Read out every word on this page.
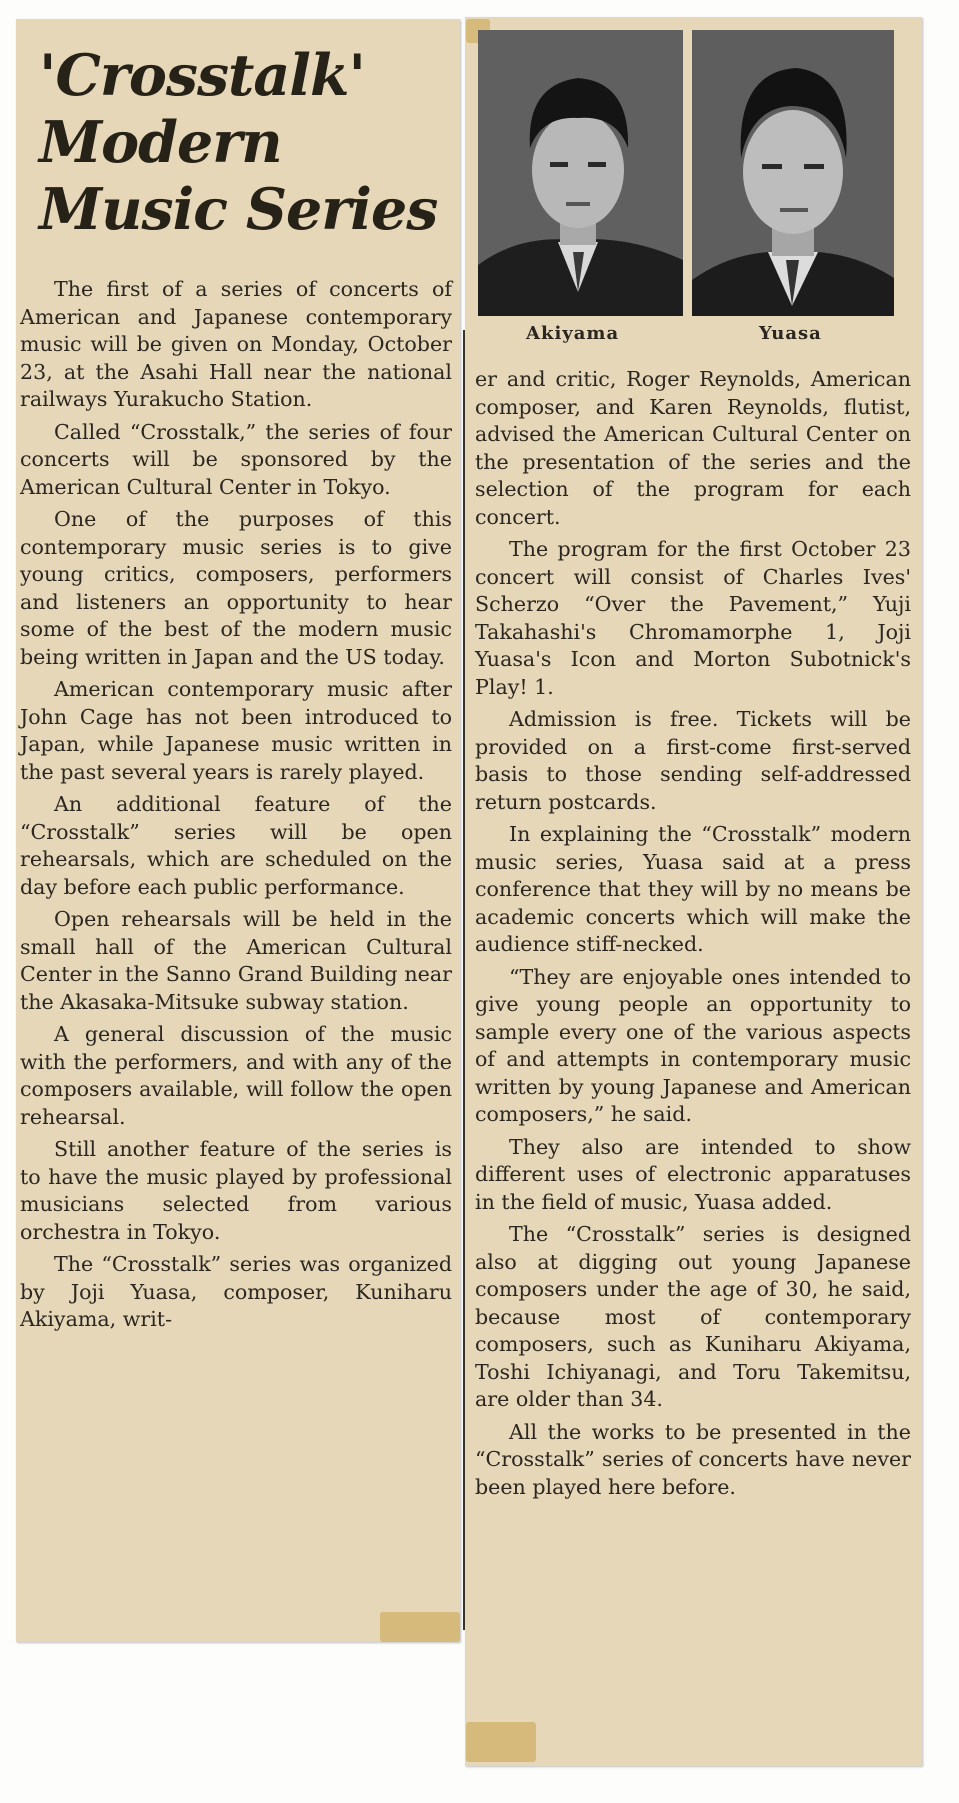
'Crosstalk' Modern Music Series
Akiyama	Yuasa

The first of a series of concerts of American and Japanese contemporary music will be given on Monday, October 23, at the Asahi Hall near the national railways Yurakucho Station.

Called “Crosstalk,” the series of four concerts will be sponsored by the American Cultural Center in Tokyo.

One of the purposes of this contemporary music series is to give young critics, composers, performers and listeners an opportunity to hear some of the best of the modern music being written in Japan and the US today.

American contemporary music after John Cage has not been introduced to Japan, while Japanese music written in the past several years is rarely played.

An additional feature of the “Crosstalk” series will be open rehearsals, which are scheduled on the day before each public performance.

Open rehearsals will be held in the small hall of the American Cultural Center in the Sanno Grand Building near the Akasaka-Mitsuke subway station.

A general discussion of the music with the performers, and with any of the composers available, will follow the open rehearsal.

Still another feature of the series is to have the music played by professional musicians selected from various orchestra in Tokyo.

The “Crosstalk” series was organized by Joji Yuasa, composer, Kuniharu Akiyama, writ-

er and critic, Roger Reynolds, American composer, and Karen Reynolds, flutist, advised the American Cultural Center on the presentation of the series and the selection of the program for each concert.

The program for the first October 23 concert will consist of Charles Ives' Scherzo “Over the Pavement,” Yuji Takahashi's Chromamorphe 1, Joji Yuasa's Icon and Morton Subotnick's Play! 1.

Admission is free. Tickets will be provided on a first-come first-served basis to those sending self-addressed return postcards.

In explaining the “Crosstalk” modern music series, Yuasa said at a press conference that they will by no means be academic concerts which will make the audience stiff-necked.

“They are enjoyable ones intended to give young people an opportunity to sample every one of the various aspects of and attempts in contemporary music written by young Japanese and American composers,” he said.

They also are intended to show different uses of electronic apparatuses in the field of music, Yuasa added.

The “Crosstalk” series is designed also at digging out young Japanese composers under the age of 30, he said, because most of contemporary composers, such as Kuniharu Akiyama, Toshi Ichiyanagi, and Toru Takemitsu, are older than 34.

All the works to be presented in the “Crosstalk” series of concerts have never been played here before.
